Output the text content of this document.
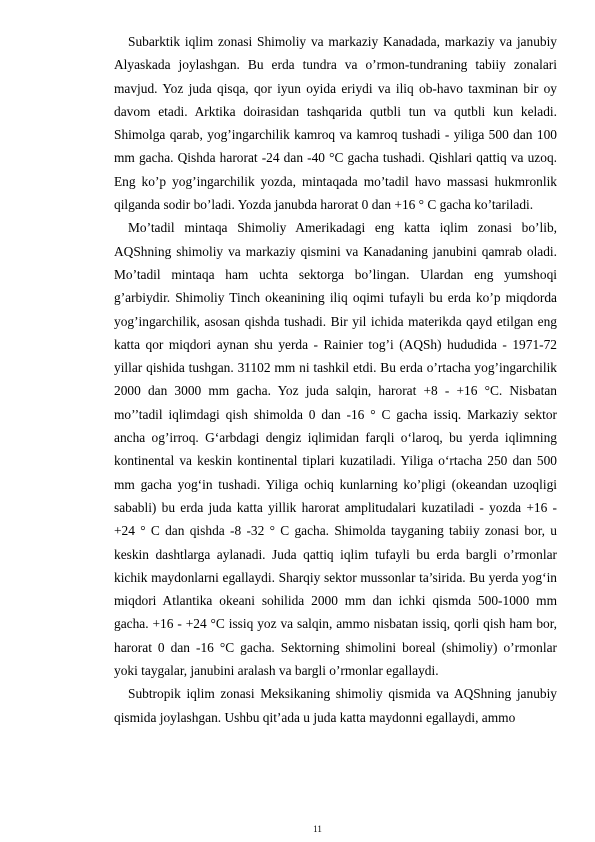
Subarktik iqlim zonasi Shimoliy va markaziy Kanadada, markaziy va janubiy Alyaskada joylashgan. Bu erda tundra va o’rmon-tundraning tabiiy zonalari mavjud. Yoz juda qisqa, qor iyun oyida eriydi va iliq ob-havo taxminan bir oy davom etadi. Arktika doirasidan tashqarida qutbli tun va qutbli kun keladi. Shimolga qarab, yog’ingarchilik kamroq va kamroq tushadi - yiliga 500 dan 100 mm gacha. Qishda harorat -24 dan -40 °C gacha tushadi. Qishlari qattiq va uzoq. Eng ko’p yog’ingarchilik yozda, mintaqada mo’tadil havo massasi hukmronlik qilganda sodir bo’ladi. Yozda janubda harorat 0 dan +16 ° C gacha ko’tariladi.

Mo’tadil mintaqa Shimoliy Amerikadagi eng katta iqlim zonasi bo’lib, AQShning shimoliy va markaziy qismini va Kanadaning janubini qamrab oladi. Mo’tadil mintaqa ham uchta sektorga bo’lingan. Ulardan eng yumshoqi g’arbiydir. Shimoliy Tinch okeanining iliq oqimi tufayli bu erda ko’p miqdorda yog’ingarchilik, asosan qishda tushadi. Bir yil ichida materikda qayd etilgan eng katta qor miqdori aynan shu yerda - Rainier tog’i (AQSh) hududida - 1971-72 yillar qishida tushgan. 31102 mm ni tashkil etdi. Bu erda o’rtacha yog’ingarchilik 2000 dan 3000 mm gacha. Yoz juda salqin, harorat +8 - +16 °C. Nisbatan mo’’tadil iqlimdagi qish shimolda 0 dan -16 ° C gacha issiq. Markaziy sektor ancha og’irroq. G‘arbdagi dengiz iqlimidan farqli o‘laroq, bu yerda iqlimning kontinental va keskin kontinental tiplari kuzatiladi. Yiliga o‘rtacha 250 dan 500 mm gacha yog‘in tushadi. Yiliga ochiq kunlarning ko’pligi (okeandan uzoqligi sababli) bu erda juda katta yillik harorat amplitudalari kuzatiladi - yozda +16 - +24 ° C dan qishda -8 -32 ° C gacha. Shimolda tayganing tabiiy zonasi bor, u keskin dashtlarga aylanadi. Juda qattiq iqlim tufayli bu erda bargli o’rmonlar kichik maydonlarni egallaydi. Sharqiy sektor mussonlar ta’sirida. Bu yerda yog‘in miqdori Atlantika okeani sohilida 2000 mm dan ichki qismda 500-1000 mm gacha. +16 - +24 °C issiq yoz va salqin, ammo nisbatan issiq, qorli qish ham bor, harorat 0 dan -16 °C gacha. Sektorning shimolini boreal (shimoliy) o’rmonlar yoki taygalar, janubini aralash va bargli o’rmonlar egallaydi.

Subtropik iqlim zonasi Meksikaning shimoliy qismida va AQShning janubiy qismida joylashgan. Ushbu qit’ada u juda katta maydonni egallaydi, ammo

11
